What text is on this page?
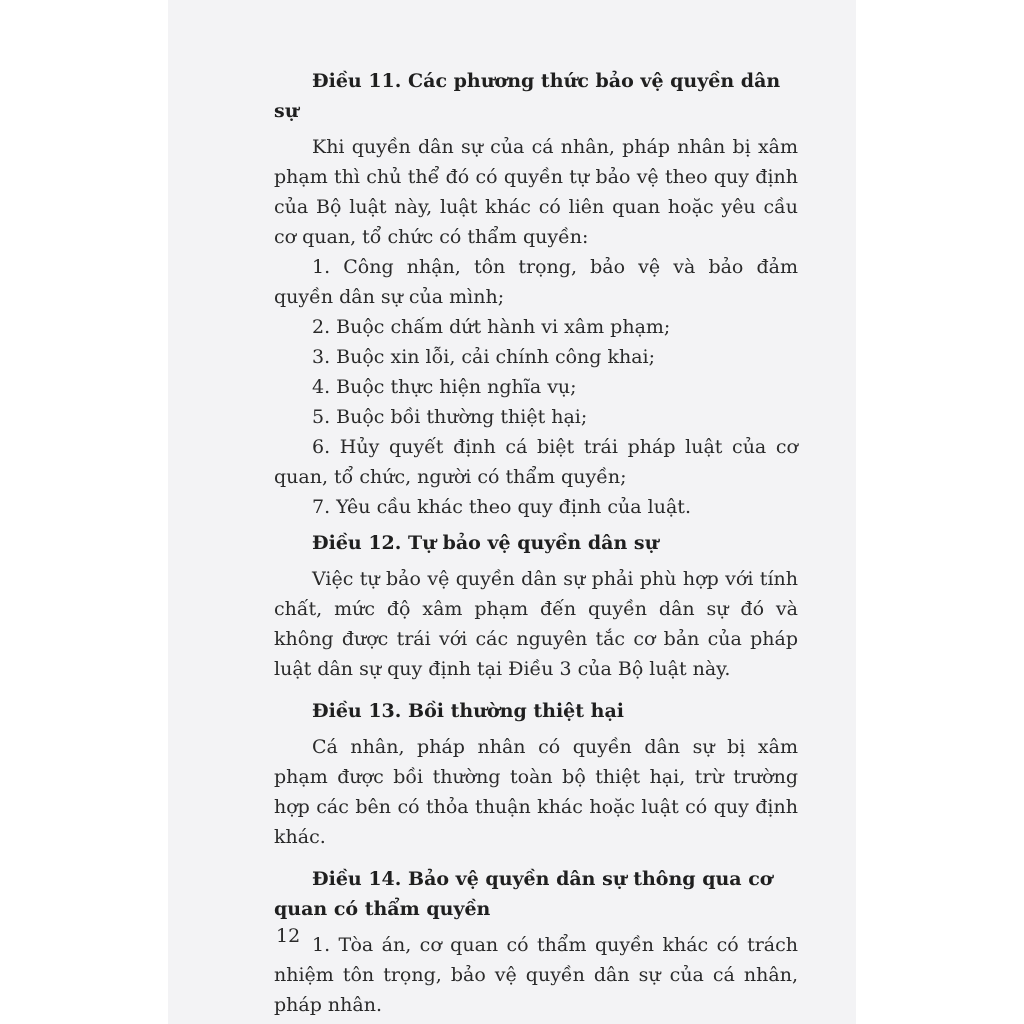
Điều 11. Các phương thức bảo vệ quyền dân sự

Khi quyền dân sự của cá nhân, pháp nhân bị xâm phạm thì chủ thể đó có quyền tự bảo vệ theo quy định của Bộ luật này, luật khác có liên quan hoặc yêu cầu cơ quan, tổ chức có thẩm quyền:

1. Công nhận, tôn trọng, bảo vệ và bảo đảm quyền dân sự của mình;

2. Buộc chấm dứt hành vi xâm phạm;

3. Buộc xin lỗi, cải chính công khai;

4. Buộc thực hiện nghĩa vụ;

5. Buộc bồi thường thiệt hại;

6. Hủy quyết định cá biệt trái pháp luật của cơ quan, tổ chức, người có thẩm quyền;

7. Yêu cầu khác theo quy định của luật.

Điều 12. Tự bảo vệ quyền dân sự

Việc tự bảo vệ quyền dân sự phải phù hợp với tính chất, mức độ xâm phạm đến quyền dân sự đó và không được trái với các nguyên tắc cơ bản của pháp luật dân sự quy định tại Điều 3 của Bộ luật này.

Điều 13. Bồi thường thiệt hại

Cá nhân, pháp nhân có quyền dân sự bị xâm phạm được bồi thường toàn bộ thiệt hại, trừ trường hợp các bên có thỏa thuận khác hoặc luật có quy định khác.

Điều 14. Bảo vệ quyền dân sự thông qua cơ quan có thẩm quyền

1. Tòa án, cơ quan có thẩm quyền khác có trách nhiệm tôn trọng, bảo vệ quyền dân sự của cá nhân, pháp nhân.

12
